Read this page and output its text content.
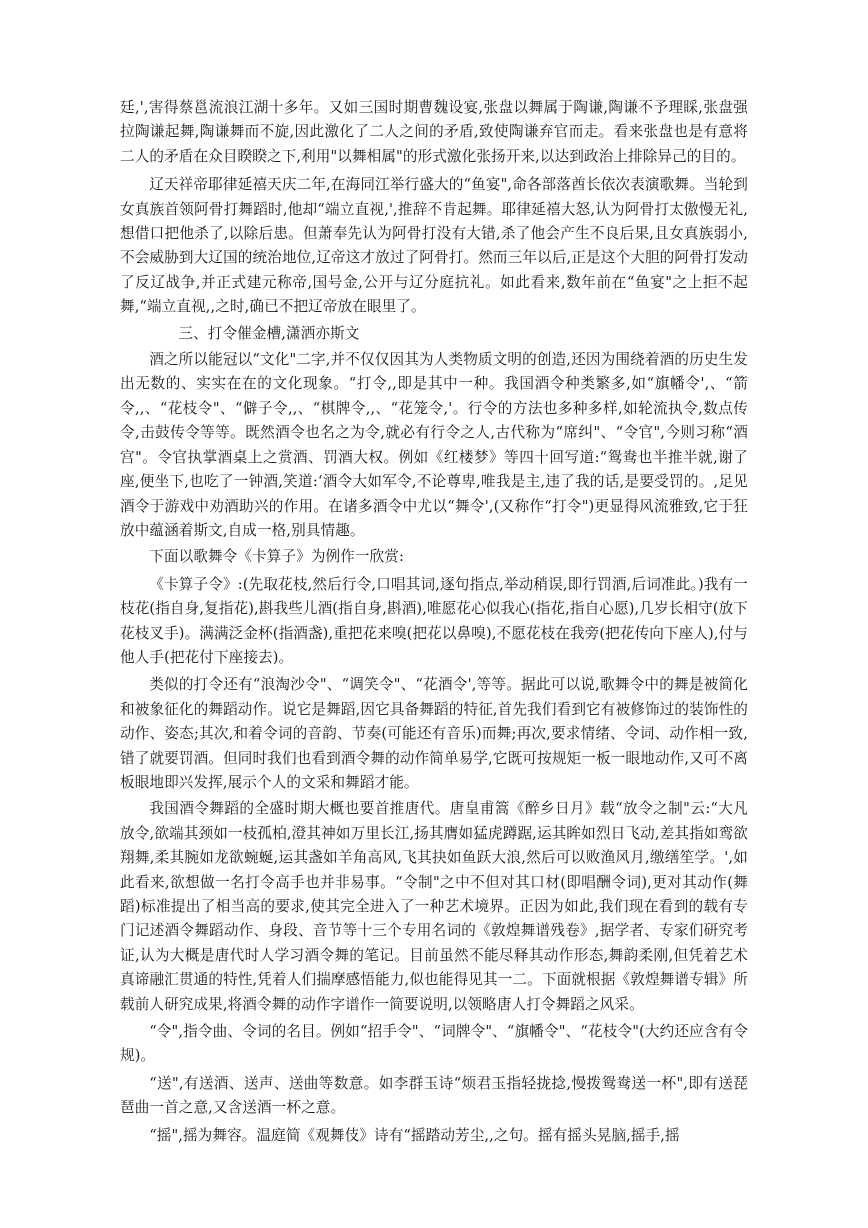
廷,',害得蔡邕流浪江湖十多年。又如三国时期曹魏设宴,张盘以舞属于陶谦,陶谦不予理睬,张盘强拉陶谦起舞,陶谦舞而不旋,因此激化了二人之间的矛盾,致使陶谦弃官而走。看来张盘也是有意将二人的矛盾在众目睽睽之下,利用"以舞相属"的形式激化张扬开来,以达到政治上排除异己的目的。

辽天祥帝耶律延禧天庆二年,在海同江举行盛大的“鱼宴",命各部落酋长依次表演歌舞。当轮到女真族首领阿骨打舞蹈时,他却“端立直视,',推辞不肯起舞。耶律延禧大怒,认为阿骨打太傲慢无礼,想借口把他杀了,以除后患。但萧奉先认为阿骨打没有大错,杀了他会产生不良后果,且女真族弱小,不会威胁到大辽国的统治地位,辽帝这才放过了阿骨打。然而三年以后,正是这个大胆的阿骨打发动了反辽战争,并正式建元称帝,国号金,公开与辽分庭抗礼。如此看来,数年前在“鱼宴"之上拒不起舞,“端立直视,,之时,确已不把辽帝放在眼里了。

三、打令催金槽,潇洒亦斯文

酒之所以能冠以“文化"二字,并不仅仅因其为人类物质文明的创造,还因为围绕着酒的历史生发出无数的、实实在在的文化现象。“打令,,即是其中一种。我国酒令种类繁多,如“旗幡令',、“箭令,,、“花枝令"、“僻子令,,、“棋牌令,,、“花笼令,'。行令的方法也多种多样,如轮流执令,数点传令,击鼓传令等等。既然酒令也名之为令,就必有行令之人,古代称为“席纠"、“令官",今则习称“酒宫"。令官执掌酒桌上之赏酒、罚酒大权。例如《红楼梦》等四十回写道:“鸳鸯也半推半就,谢了座,便坐下,也吃了一钟酒,笑道:‘酒令大如军令,不论尊卑,唯我是主,违了我的话,是要受罚的。,足见酒令于游戏中劝酒助兴的作用。在诸多酒令中尤以“舞令',(又称作“打令")更显得风流雅致,它于狂放中蕴涵着斯文,自成一格,别具情趣。

下面以歌舞令《卡算子》为例作一欣赏:

《卡算子令》:(先取花枝,然后行令,口唱其词,逐句指点,举动稍误,即行罚酒,后词准此。)我有一枝花(指自身,复指花),斟我些儿酒(指自身,斟酒),唯愿花心似我心(指花,指自心愿),几岁长相守(放下花枝叉手)。满满泛金杯(指酒盏),重把花来嗅(把花以鼻嗅),不愿花枝在我旁(把花传向下座人),付与他人手(把花付下座接去)。

类似的打令还有“浪淘沙令"、“调笑令"、“花酒令',等等。据此可以说,歌舞令中的舞是被简化和被象征化的舞蹈动作。说它是舞蹈,因它具备舞蹈的特征,首先我们看到它有被修饰过的装饰性的动作、姿态;其次,和着令词的音韵、节奏(可能还有音乐)而舞;再次,要求情绪、令词、动作相一致,错了就要罚酒。但同时我们也看到酒令舞的动作简单易学,它既可按规矩一板一眼地动作,又可不离板眼地即兴发挥,展示个人的文采和舞蹈才能。

我国酒令舞蹈的全盛时期大概也要首推唐代。唐皇甫篙《醉乡日月》载“放令之制"云:“大凡放令,欲端其颈如一枝孤柏,澄其神如万里长江,扬其膺如猛虎蹲踞,运其眸如烈日飞动,差其指如鸾欲翔舞,柔其腕如龙欲蜿蜒,运其盏如羊角高风,飞其抉如鱼跃大浪,然后可以败渔风月,缴缮笙学。',如此看来,欲想做一名打令高手也并非易事。“令制"之中不但对其口材(即唱酬令词),更对其动作(舞蹈)标准提出了相当高的要求,使其完全进入了一种艺术境界。正因为如此,我们现在看到的载有专门记述酒令舞蹈动作、身段、音节等十三个专用名词的《敦煌舞谱残卷》,据学者、专家们研究考证,认为大概是唐代时人学习酒令舞的笔记。目前虽然不能尽释其动作形态,舞韵柔刚,但凭着艺术真谛融汇贯通的特性,凭着人们揣摩感悟能力,似也能得见其一二。下面就根据《敦煌舞谱专辑》所载前人研究成果,将酒令舞的动作字谱作一简要说明,以领略唐人打令舞蹈之风采。

“令",指令曲、令词的名目。例如“招手令"、“词牌令"、“旗幡令"、“花枝令"(大约还应含有令规)。

“送",有送酒、送声、送曲等数意。如李群玉诗“烦君玉指轻拢捻,慢拨鸳鸯送一杯",即有送琵琶曲一首之意,又含送酒一杯之意。

“摇",摇为舞容。温庭简《观舞伎》诗有“摇踏动芳尘,,之句。摇有摇头晃脑,摇手,摇
